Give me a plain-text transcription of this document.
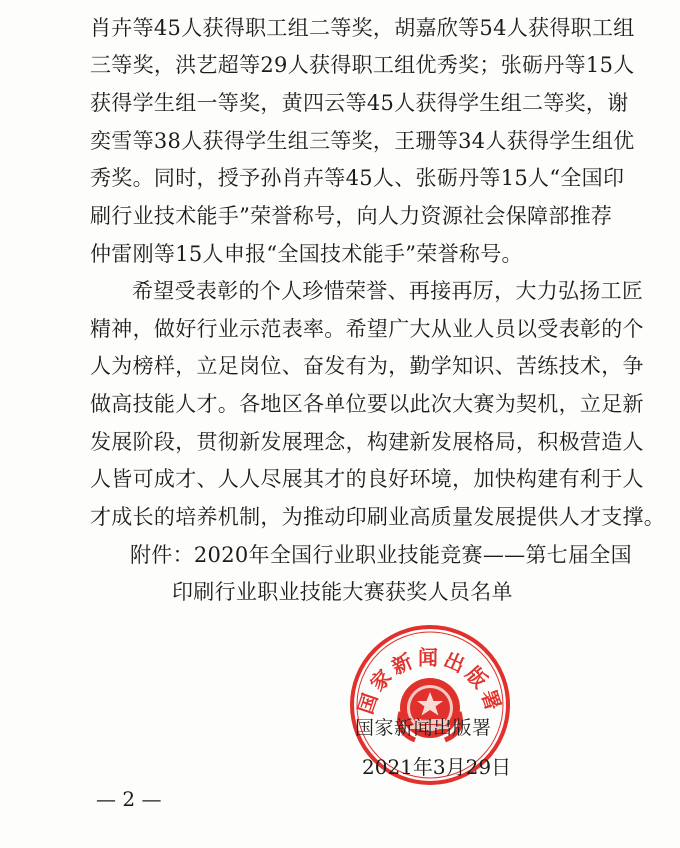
肖卉等45人获得职工组二等奖，胡嘉欣等54人获得职工组
三等奖，洪艺超等29人获得职工组优秀奖；张砺丹等15人
获得学生组一等奖，黄四云等45人获得学生组二等奖，谢
奕雪等38人获得学生组三等奖，王珊等34人获得学生组优
秀奖。同时，授予孙肖卉等45人、张砺丹等15人“全国印
刷行业技术能手”荣誉称号，向人力资源社会保障部推荐
仲雷刚等15人申报“全国技术能手”荣誉称号。
希望受表彰的个人珍惜荣誉、再接再厉，大力弘扬工匠
精神，做好行业示范表率。希望广大从业人员以受表彰的个
人为榜样，立足岗位、奋发有为，勤学知识、苦练技术，争
做高技能人才。各地区各单位要以此次大赛为契机，立足新
发展阶段，贯彻新发展理念，构建新发展格局，积极营造人
人皆可成才、人人尽展其才的良好环境，加快构建有利于人
才成长的培养机制，为推动印刷业高质量发展提供人才支撑。
附件：2020年全国行业职业技能竞赛——第七届全国
印刷行业职业技能大赛获奖人员名单
国家新闻出版署
国家新闻出版署
2021年3月29日
— 2 —
